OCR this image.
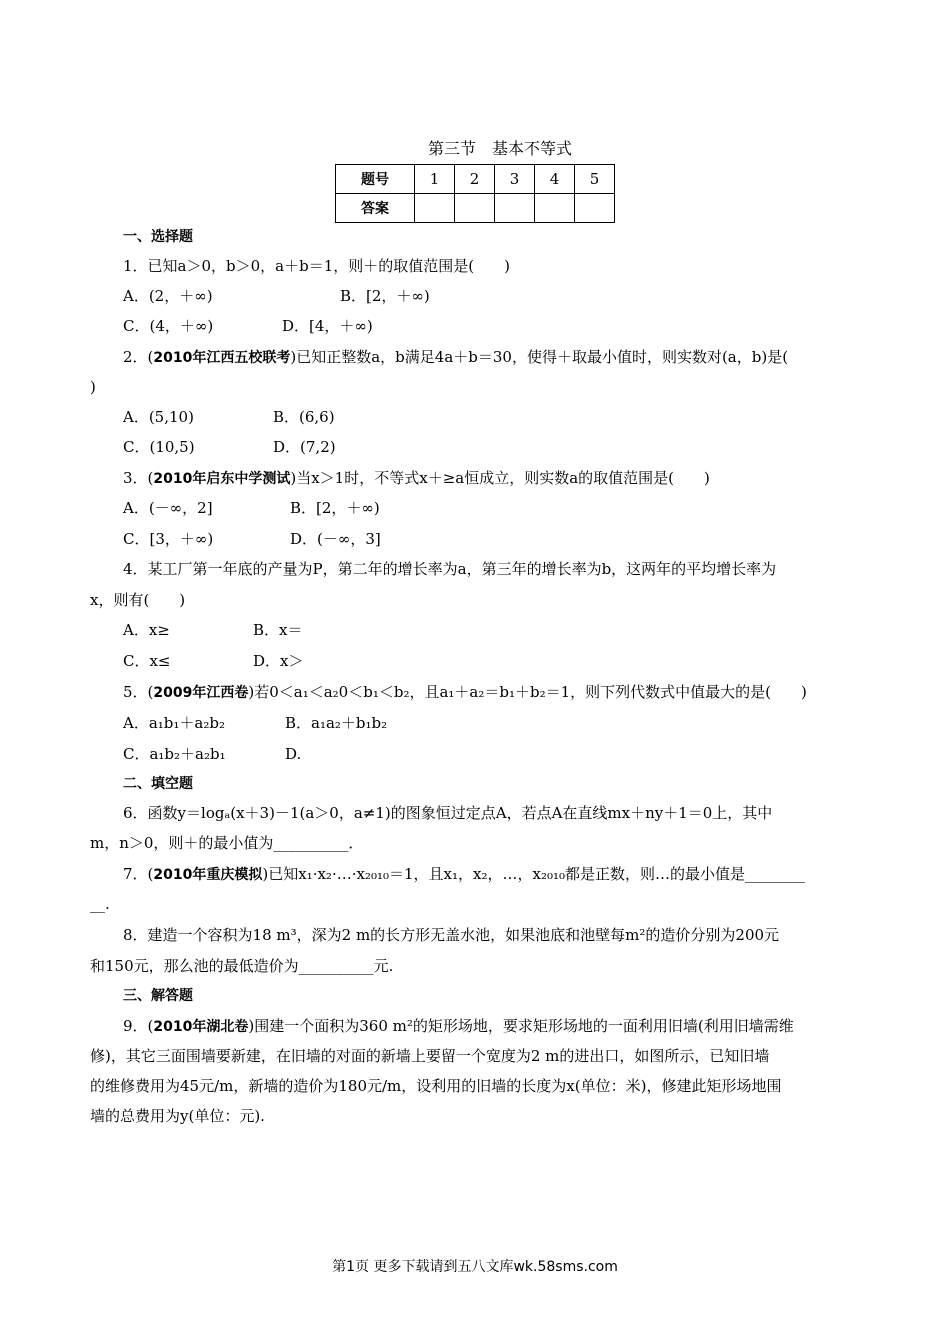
第三节　基本不等式
题号	1	2	3	4	5
答案					
一、选择题
1．已知a＞0，b＞0，a＋b＝1，则＋的取值范围是(　　)
A．(2，＋∞)	B．[2，＋∞)
C．(4，＋∞)	D．[4，＋∞)
2．(2010年江西五校联考)已知正整数a，b满足4a＋b＝30，使得＋取最小值时，则实数对(a，b)是(
)
A．(5,10)	B．(6,6)
C．(10,5)	D．(7,2)
3．(2010年启东中学测试)当x＞1时，不等式x＋≥a恒成立，则实数a的取值范围是(　　)
A．(－∞，2]	B．[2，＋∞)
C．[3，＋∞)	D．(－∞，3]
4．某工厂第一年底的产量为P，第二年的增长率为a，第三年的增长率为b，这两年的平均增长率为
x，则有(　　)
A．x≥	B．x＝
C．x≤	D．x＞
5．(2009年江西卷)若0＜a₁＜a₂0＜b₁＜b₂，且a₁＋a₂＝b₁＋b₂＝1，则下列代数式中值最大的是(　　)
A．a₁b₁＋a₂b₂	B．a₁a₂＋b₁b₂
C．a₁b₂＋a₂b₁	D.
二、填空题
6．函数y＝logₐ(x＋3)－1(a＞0，a≠1)的图象恒过定点A，若点A在直线mx＋ny＋1＝0上，其中
m，n＞0，则＋的最小值为__________．
7．(2010年重庆模拟)已知x₁·x₂·…·x₂₀₁₀＝1，且x₁，x₂，…，x₂₀₁₀都是正数，则…的最小值是________
__.
8．建造一个容积为18 m³，深为2 m的长方形无盖水池，如果池底和池壁每m²的造价分别为200元
和150元，那么池的最低造价为__________元.
三、解答题
9．(2010年湖北卷)围建一个面积为360 m²的矩形场地，要求矩形场地的一面利用旧墙(利用旧墙需维
修)，其它三面围墙要新建，在旧墙的对面的新墙上要留一个宽度为2 m的进出口，如图所示，已知旧墙
的维修费用为45元/m，新墙的造价为180元/m，设利用的旧墙的长度为x(单位：米)，修建此矩形场地围
墙的总费用为y(单位：元).
第1页 更多下载请到五八文库wk.58sms.com
